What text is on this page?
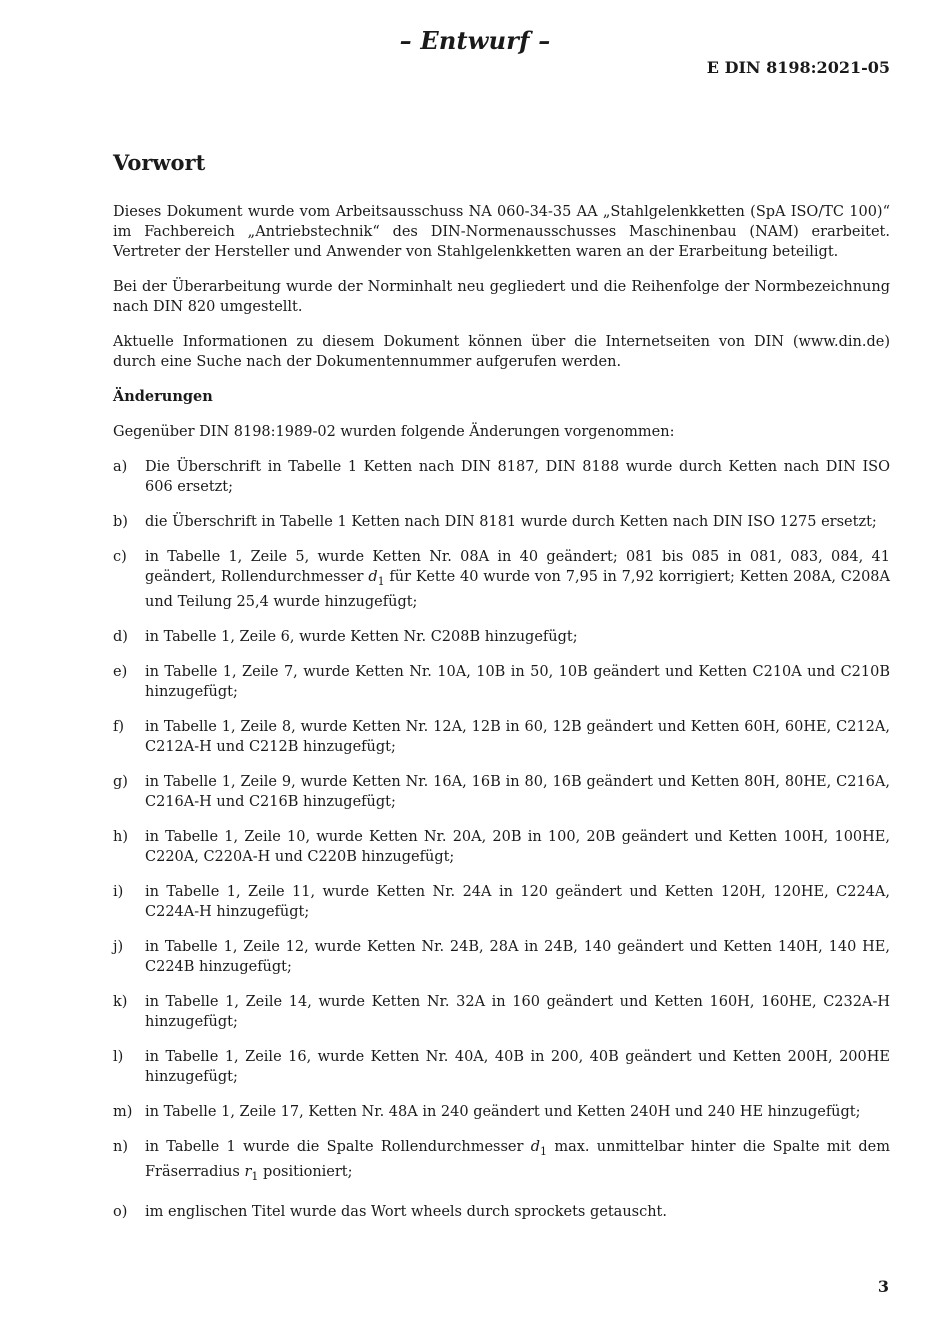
– Entwurf –
E DIN 8198:2021-05
Vorwort

Dieses Dokument wurde vom Arbeitsausschuss NA 060-34-35 AA „Stahlgelenkketten (SpA ISO/TC 100)“ im Fachbereich „Antriebstechnik“ des DIN-Normenausschusses Maschinenbau (NAM) erarbeitet. Vertreter der Hersteller und Anwender von Stahlgelenkketten waren an der Erarbeitung beteiligt.

Bei der Überarbeitung wurde der Norminhalt neu gegliedert und die Reihenfolge der Normbezeichnung nach DIN 820 umgestellt.

Aktuelle Informationen zu diesem Dokument können über die Internetseiten von DIN (www.din.de) durch eine Suche nach der Dokumentennummer aufgerufen werden.

Änderungen

Gegenüber DIN 8198:1989-02 wurden folgende Änderungen vorgenommen:

a) Die Überschrift in Tabelle 1 Ketten nach DIN 8187, DIN 8188 wurde durch Ketten nach DIN ISO 606 ersetzt;
b) die Überschrift in Tabelle 1 Ketten nach DIN 8181 wurde durch Ketten nach DIN ISO 1275 ersetzt;
c) in Tabelle 1, Zeile 5, wurde Ketten Nr. 08A in 40 geändert; 081 bis 085 in 081, 083, 084, 41 geändert, Rollendurchmesser $d_1$ für Kette 40 wurde von 7,95 in 7,92 korrigiert; Ketten 208A, C208A und Teilung 25,4 wurde hinzugefügt;
d) in Tabelle 1, Zeile 6, wurde Ketten Nr. C208B hinzugefügt;
e) in Tabelle 1, Zeile 7, wurde Ketten Nr. 10A, 10B in 50, 10B geändert und Ketten C210A und C210B hinzugefügt;
f) in Tabelle 1, Zeile 8, wurde Ketten Nr. 12A, 12B in 60, 12B geändert und Ketten 60H, 60HE, C212A, C212A-H und C212B hinzugefügt;
g) in Tabelle 1, Zeile 9, wurde Ketten Nr. 16A, 16B in 80, 16B geändert und Ketten 80H, 80HE, C216A, C216A-H und C216B hinzugefügt;
h) in Tabelle 1, Zeile 10, wurde Ketten Nr. 20A, 20B in 100, 20B geändert und Ketten 100H, 100HE, C220A, C220A-H und C220B hinzugefügt;
i) in Tabelle 1, Zeile 11, wurde Ketten Nr. 24A in 120 geändert und Ketten 120H, 120HE, C224A, C224A-H hinzugefügt;
j) in Tabelle 1, Zeile 12, wurde Ketten Nr. 24B, 28A in 24B, 140 geändert und Ketten 140H, 140 HE, C224B hinzugefügt;
k) in Tabelle 1, Zeile 14, wurde Ketten Nr. 32A in 160 geändert und Ketten 160H, 160HE, C232A-H hinzugefügt;
l) in Tabelle 1, Zeile 16, wurde Ketten Nr. 40A, 40B in 200, 40B geändert und Ketten 200H, 200HE hinzugefügt;
m) in Tabelle 1, Zeile 17, Ketten Nr. 48A in 240 geändert und Ketten 240H und 240 HE hinzugefügt;
n) in Tabelle 1 wurde die Spalte Rollendurchmesser $d_1$ max. unmittelbar hinter die Spalte mit dem Fräserradius $r_1$ positioniert;
o) im englischen Titel wurde das Wort wheels durch sprockets getauscht.
3
